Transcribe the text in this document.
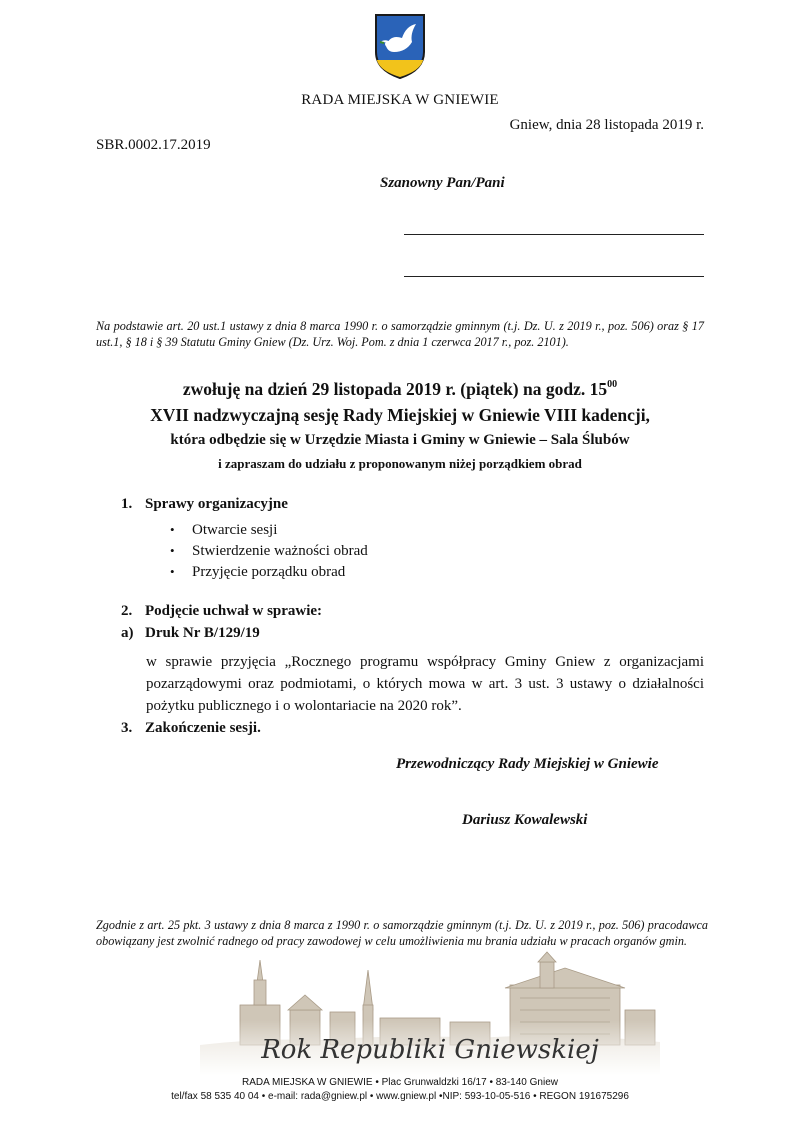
RADA MIEJSKA W GNIEWIE
Gniew, dnia 28 listopada 2019 r.
SBR.0002.17.2019
Szanowny Pan/Pani
Na podstawie art. 20 ust.1 ustawy z dnia 8 marca 1990 r. o samorządzie gminnym (t.j. Dz. U. z 2019 r., poz. 506) oraz § 17 ust.1, § 18 i § 39 Statutu Gminy Gniew (Dz. Urz. Woj. Pom. z dnia 1 czerwca 2017 r., poz. 2101).
zwołuję na dzień 29 listopada 2019 r. (piątek) na godz. $15^{00}$
XVII nadzwyczajną sesję Rady Miejskiej w Gniewie VIII kadencji,
która odbędzie się w Urzędzie Miasta i Gminy w Gniewie – Sala Ślubów
i zapraszam do udziału z proponowanym niżej porządkiem obrad
1. Sprawy organizacyjne
• Otwarcie sesji
• Stwierdzenie ważności obrad
• Przyjęcie porządku obrad
2. Podjęcie uchwał w sprawie:
a) Druk Nr B/129/19
w sprawie przyjęcia „Rocznego programu współpracy Gminy Gniew z organizacjami pozarządowymi oraz podmiotami, o których mowa w art. 3 ust. 3 ustawy o działalności pożytku publicznego i o wolontariacie na 2020 rok”.
3. Zakończenie sesji.
Przewodniczący Rady Miejskiej w Gniewie
Dariusz Kowalewski
Zgodnie z art. 25 pkt. 3 ustawy z dnia 8 marca z 1990 r. o samorządzie gminnym (t.j. Dz. U. z 2019 r., poz. 506) pracodawca obowiązany jest zwolnić radnego od pracy zawodowej w celu umożliwienia mu brania udziału w pracach organów gmin.
Rok Republiki Gniewskiej
RADA MIEJSKA W GNIEWIE • Plac Grunwaldzki 16/17 • 83-140 Gniew
tel/fax 58 535 40 04 • e-mail: rada@gniew.pl • www.gniew.pl •NIP: 593-10-05-516 • REGON 191675296
